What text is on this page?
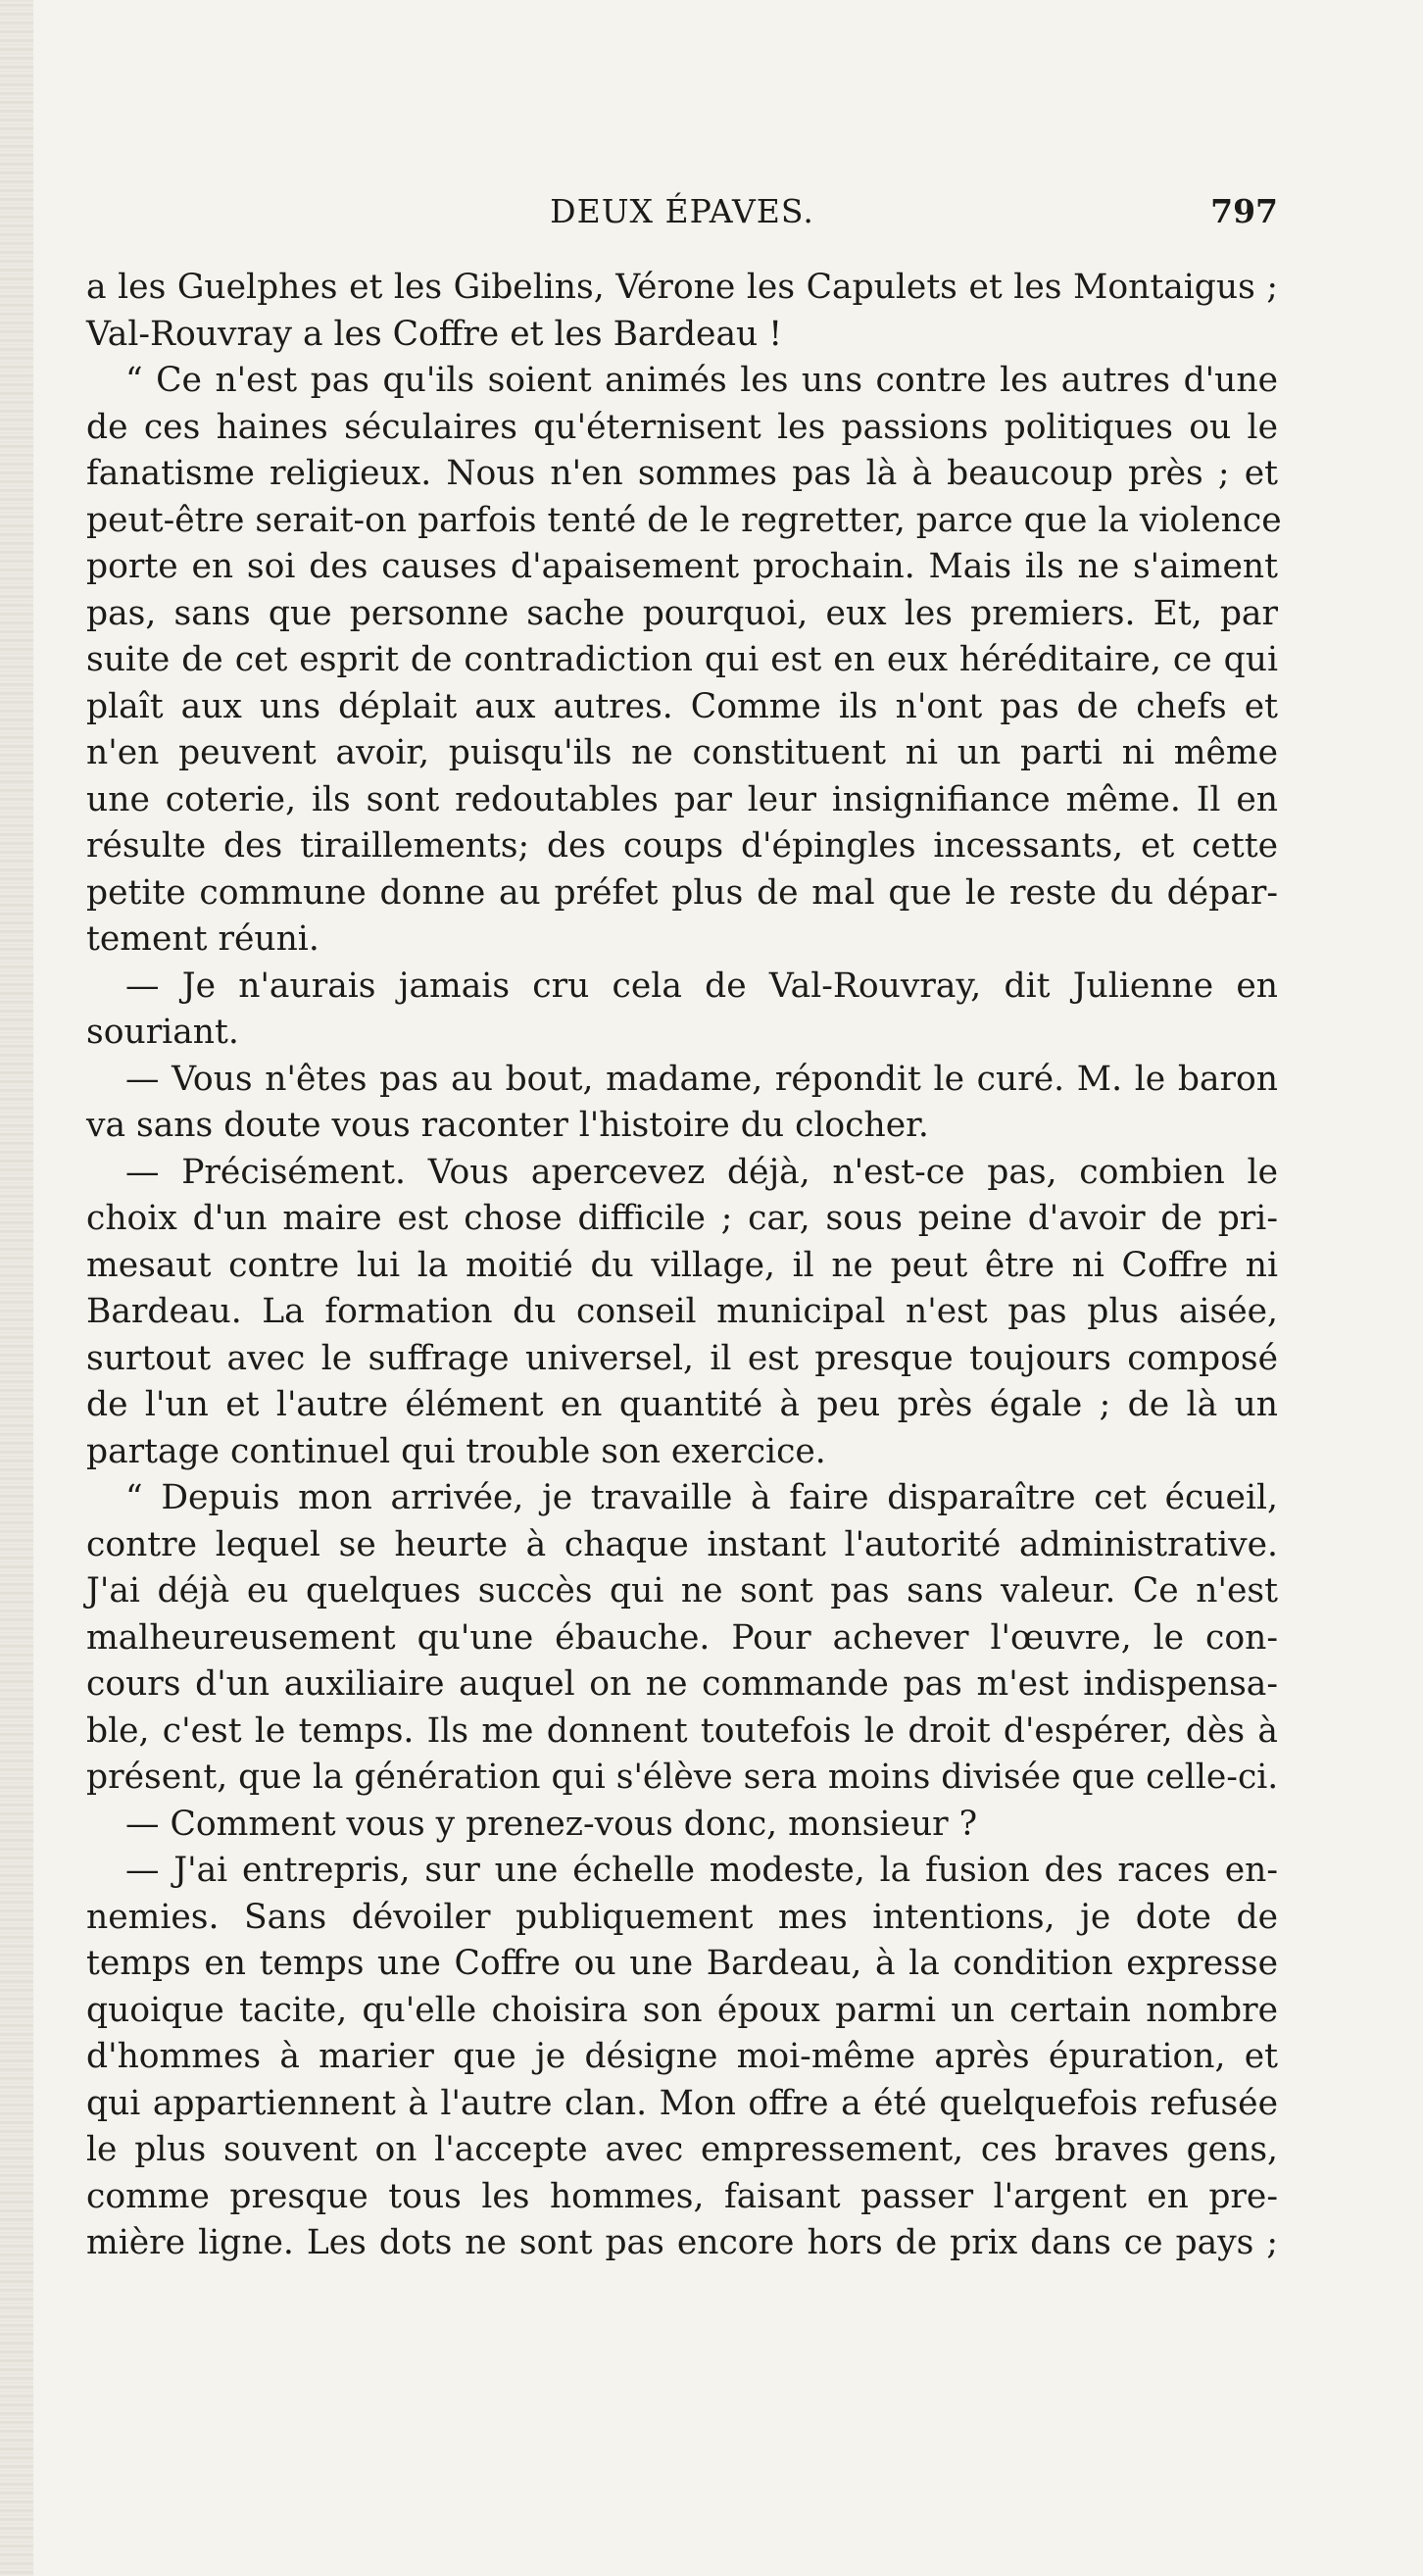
DEUX ÉPAVES.	797
a les Guelphes et les Gibelins, Vérone les Capulets et les Montaigus ;
Val-Rouvray a les Coffre et les Bardeau !
“ Ce n'est pas qu'ils soient animés les uns contre les autres d'une
de ces haines séculaires qu'éternisent les passions politiques ou le
fanatisme religieux. Nous n'en sommes pas là à beaucoup près ; et
peut-être serait-on parfois tenté de le regretter, parce que la violence
porte en soi des causes d'apaisement prochain. Mais ils ne s'aiment
pas, sans que personne sache pourquoi, eux les premiers. Et, par
suite de cet esprit de contradiction qui est en eux héréditaire, ce qui
plaît aux uns déplait aux autres. Comme ils n'ont pas de chefs et
n'en peuvent avoir, puisqu'ils ne constituent ni un parti ni même
une coterie, ils sont redoutables par leur insignifiance même. Il en
résulte des tiraillements; des coups d'épingles incessants, et cette
petite commune donne au préfet plus de mal que le reste du dépar-
tement réuni.
— Je n'aurais jamais cru cela de Val-Rouvray, dit Julienne en
souriant.
— Vous n'êtes pas au bout, madame, répondit le curé. M. le baron
va sans doute vous raconter l'histoire du clocher.
— Précisément. Vous apercevez déjà, n'est-ce pas, combien le
choix d'un maire est chose difficile ; car, sous peine d'avoir de pri-
mesaut contre lui la moitié du village, il ne peut être ni Coffre ni
Bardeau. La formation du conseil municipal n'est pas plus aisée,
surtout avec le suffrage universel, il est presque toujours composé
de l'un et l'autre élément en quantité à peu près égale ; de là un
partage continuel qui trouble son exercice.
“ Depuis mon arrivée, je travaille à faire disparaître cet écueil,
contre lequel se heurte à chaque instant l'autorité administrative.
J'ai déjà eu quelques succès qui ne sont pas sans valeur. Ce n'est
malheureusement qu'une ébauche. Pour achever l'œuvre, le con-
cours d'un auxiliaire auquel on ne commande pas m'est indispensa-
ble, c'est le temps. Ils me donnent toutefois le droit d'espérer, dès à
présent, que la génération qui s'élève sera moins divisée que celle-ci.
— Comment vous y prenez-vous donc, monsieur ?
— J'ai entrepris, sur une échelle modeste, la fusion des races en-
nemies. Sans dévoiler publiquement mes intentions, je dote de
temps en temps une Coffre ou une Bardeau, à la condition expresse
quoique tacite, qu'elle choisira son époux parmi un certain nombre
d'hommes à marier que je désigne moi-même après épuration, et
qui appartiennent à l'autre clan. Mon offre a été quelquefois refusée
le plus souvent on l'accepte avec empressement, ces braves gens,
comme presque tous les hommes, faisant passer l'argent en pre-
mière ligne. Les dots ne sont pas encore hors de prix dans ce pays ;
